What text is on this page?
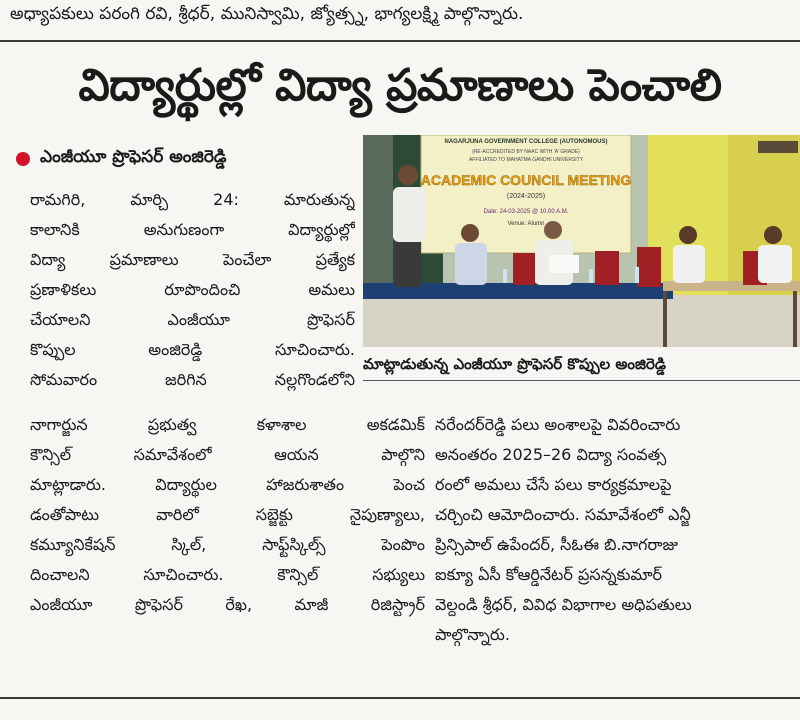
అధ్యాపకులు పరంగి రవి, శ్రీధర్, మునిస్వామి, జ్యోత్స్న, భాగ్యలక్ష్మి పాల్గొన్నారు.
విద్యార్థుల్లో విద్యా ప్రమాణాలు పెంచాలి
ఎంజీయూ ప్రొఫెసర్ అంజిరెడ్డి
రామగిరి, మార్చి 24: మారుతున్న
కాలానికి అనుగుణంగా విద్యార్థుల్లో
విద్యా ప్రమాణాలు పెంచేలా ప్రత్యేక
ప్రణాళికలు రూపొందించి అమలు
చేయాలని ఎంజీయూ ప్రొఫెసర్
కొప్పుల అంజిరెడ్డి సూచించారు.
సోమవారం జరిగిన నల్లగొండలోని
నాగార్జున ప్రభుత్వ కళాశాల అకడమిక్
కౌన్సిల్ సమావేశంలో ఆయన పాల్గొని
మాట్లాడారు. విద్యార్థుల హాజరుశాతం పెంచ
డంతోపాటు వారిలో సబ్జెక్టు నైపుణ్యాలు,
కమ్యూనికేషన్ స్కిల్, సాఫ్ట్‌స్కిల్స్ పెంపొం
దించాలని సూచించారు. కౌన్సిల్ సభ్యులు
ఎంజీయూ ప్రొఫెసర్ రేఖ, మాజీ రిజిస్ట్రార్
నరేందర్‌రెడ్డి పలు అంశాలపై వివరించారు
అనంతరం 2025–26 విద్యా సంవత్స
రంలో అమలు చేసే పలు కార్యక్రమాలపై
చర్చించి ఆమోదించారు. సమావేశంలో ఎన్జీ
ప్రిన్సిపాల్ ఉపేందర్, సీఓఈ బి.నాగరాజు
ఐక్యూ ఏసీ కోఆర్డినేటర్ ప్రసన్నకుమార్
వెల్దండి శ్రీధర్, వివిధ విభాగాల అధిపతులు
పాల్గొన్నారు.
NAGARJUNA GOVERNMENT COLLEGE (AUTONOMOUS)
(RE-ACCREDITED BY NAAC WITH 'A' GRADE)
AFFILIATED TO MAHATMA GANDHI UNIVERSITY
ACADEMIC COUNCIL MEETING
(2024-2025)
Date: 24-03-2025 @ 10.00 A.M.
Venue: Alumn
మాట్లాడుతున్న ఎంజీయూ ప్రొఫెసర్ కొప్పుల అంజిరెడ్డి
